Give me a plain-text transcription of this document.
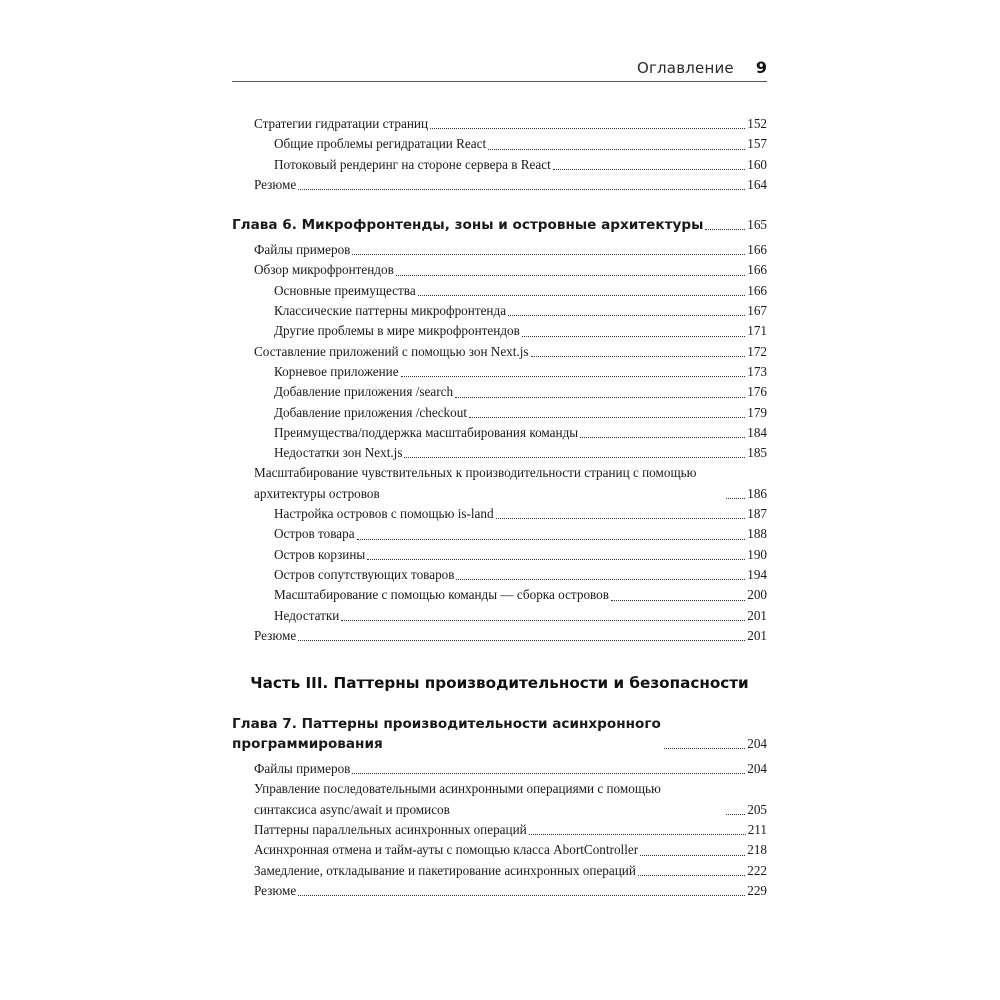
Оглавление 9
Стратегии гидратации страниц	152
Общие проблемы регидратации React	157
Потоковый рендеринг на стороне сервера в React	160
Резюме	164
Глава 6. Микрофронтенды, зоны и островные архитектуры	165
Файлы примеров	166
Обзор микрофронтендов	166
Основные преимущества	166
Классические паттерны микрофронтенда	167
Другие проблемы в мире микрофронтендов	171
Составление приложений с помощью зон Next.js	172
Корневое приложение	173
Добавление приложения /search	176
Добавление приложения /checkout	179
Преимущества/поддержка масштабирования команды	184
Недостатки зон Next.js	185
Масштабирование чувствительных к производительности страниц с помощью архитектуры островов	186
Настройка островов с помощью is-land	187
Остров товара	188
Остров корзины	190
Остров сопутствующих товаров	194
Масштабирование с помощью команды — сборка островов	200
Недостатки	201
Резюме	201
Часть III. Паттерны производительности и безопасности
Глава 7. Паттерны производительности асинхронного программирования	204
Файлы примеров	204
Управление последовательными асинхронными операциями с помощью синтаксиса async/await и промисов	205
Паттерны параллельных асинхронных операций	211
Асинхронная отмена и тайм-ауты с помощью класса AbortController	218
Замедление, откладывание и пакетирование асинхронных операций	222
Резюме	229
